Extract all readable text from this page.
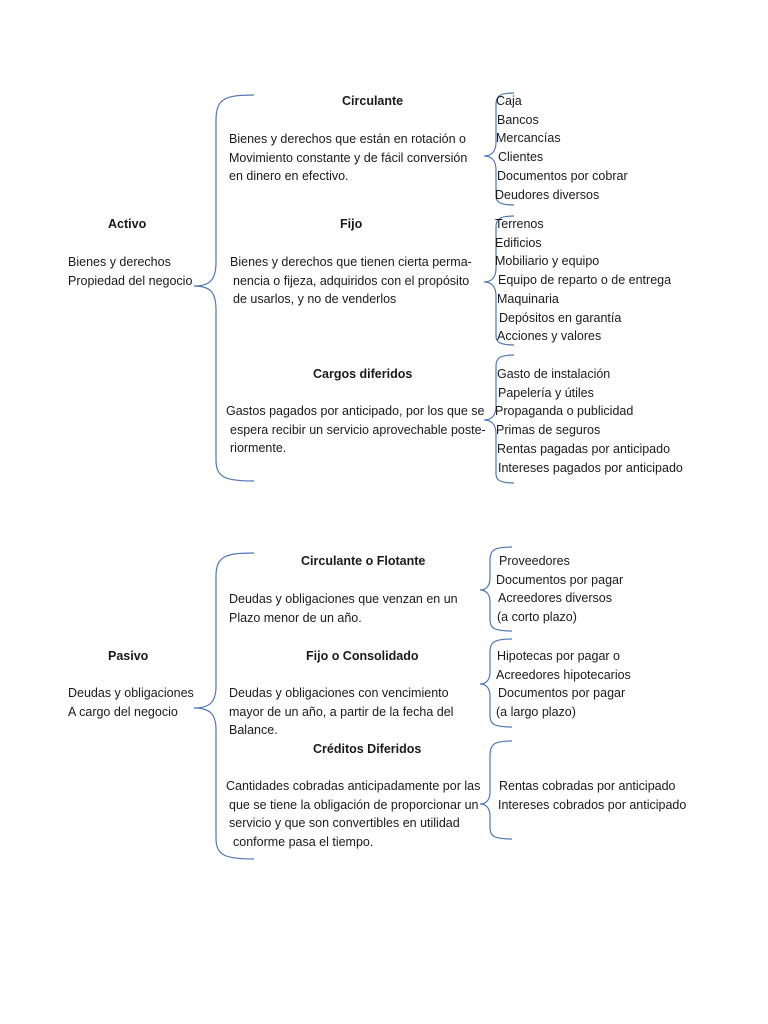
Activo
Bienes y derechos
Propiedad del negocio
Circulante
Bienes y derechos que están en rotación o
Movimiento constante y de fácil conversión
en dinero en efectivo.
Caja
Bancos
Mercancías
Clientes
Documentos por cobrar
Deudores diversos
Fijo
Bienes y derechos que tienen cierta perma-
nencia o fijeza, adquiridos con el propósito
de usarlos, y no de venderlos
Terrenos
Edificios
Mobiliario y equipo
Equipo de reparto o de entrega
Maquinaria
Depósitos en garantía
Acciones y valores
Cargos diferidos
Gastos pagados por anticipado, por los que se
espera recibir un servicio aprovechable poste-
riormente.
Gasto de instalación
Papelería y útiles
Propaganda o publicidad
Primas de seguros
Rentas pagadas por anticipado
Intereses pagados por anticipado
Pasivo
Deudas y obligaciones
A cargo del negocio
Circulante o Flotante
Deudas y obligaciones que venzan en un
Plazo menor de un año.
Proveedores
Documentos por pagar
Acreedores diversos
(a corto plazo)
Fijo o Consolidado
Deudas y obligaciones con vencimiento
mayor de un año, a partir de la fecha del
Balance.
Hipotecas por pagar o
Acreedores hipotecarios
Documentos por pagar
(a largo plazo)
Créditos Diferidos
Cantidades cobradas anticipadamente por las
que se tiene la obligación de proporcionar un
servicio y que son convertibles en utilidad
conforme pasa el tiempo.
Rentas cobradas por anticipado
Intereses cobrados por anticipado
